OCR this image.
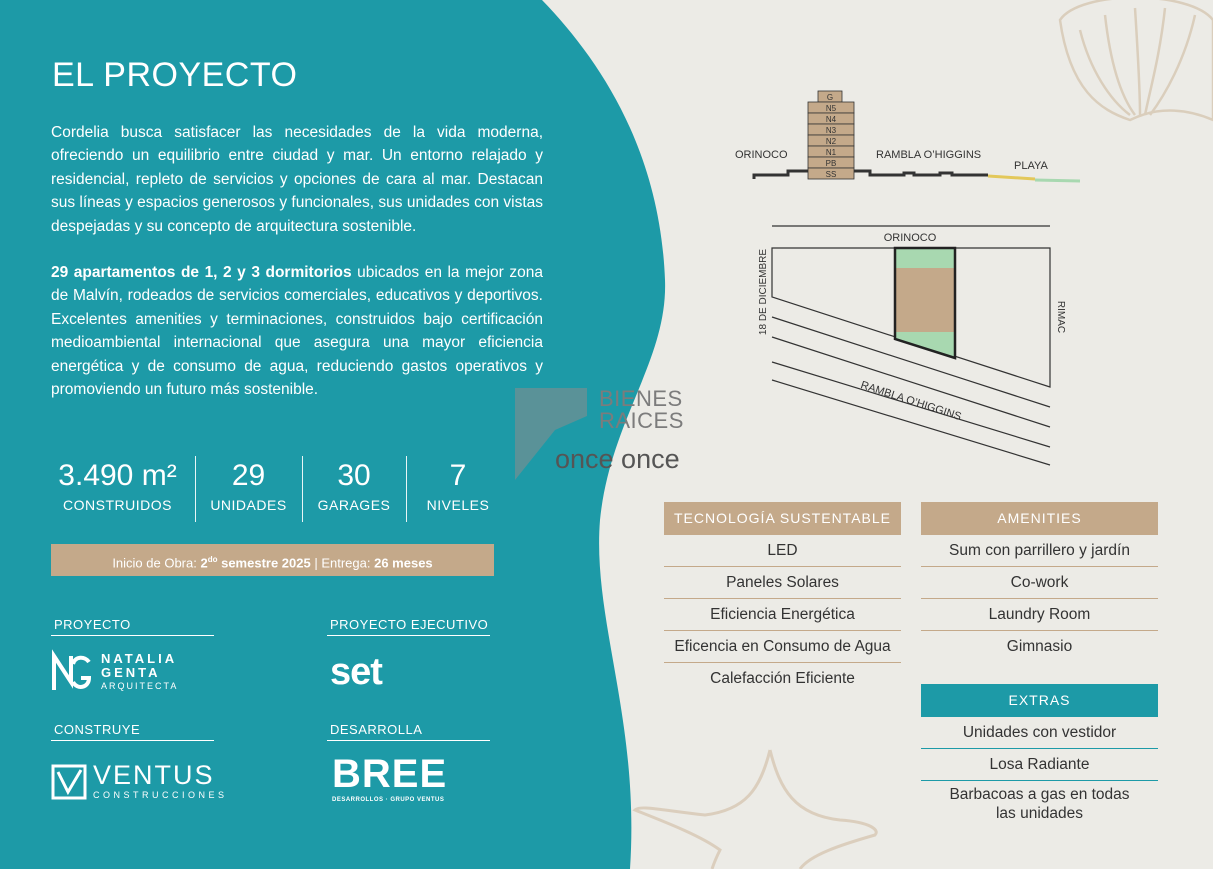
EL PROYECTO

Cordelia busca satisfacer las necesidades de la vida moderna, ofreciendo un equilibrio entre ciudad y mar. Un entorno relajado y residencial, repleto de servicios y opciones de cara al mar. Destacan sus líneas y espacios generosos y funcionales, sus unidades con vistas despejadas y su concepto de arquitectura sostenible.

29 apartamentos de 1, 2 y 3 dormitorios ubicados en la mejor zona de Malvín, rodeados de servicios comerciales, educativos y deportivos. Excelentes amenities y terminaciones, construidos bajo certificación medioambiental internacional que asegura una mayor eficiencia energética y de consumo de agua, reduciendo gastos operativos y promoviendo un futuro más sostenible.

3.490 m²
CONSTRUIDOS
29
UNIDADES
30
GARAGES
7
NIVELES
Inicio de Obra: $2^{do}$ semestre 2025 | Entrega: 26 meses
PROYECTO
NATALIA
GENTA
ARQUITECTA
PROYECTO EJECUTIVO
set
CONSTRUYE
VENTUS
CONSTRUCCIONES
DESARROLLA
BREE
DESARROLLOS · GRUPO VENTUS
BIENES
RAICES
once once
G
N5
N4
N3
N2
N1
PB
SS
ORINOCO	RAMBLA O’HIGGINS
PLAYA
ORINOCO
18 DE DICIEMBRE	RIMAC
RAMBLA O’HIGGINS
TECNOLOGÍA SUSTENTABLE
LED
Paneles Solares
Eficiencia Energética
Eficencia en Consumo de Agua
Calefacción Eficiente
AMENITIES
Sum con parrillero y jardín
Co-work
Laundry Room
Gimnasio
EXTRAS
Unidades con vestidor
Losa Radiante
Barbacoas a gas en todas las unidades
